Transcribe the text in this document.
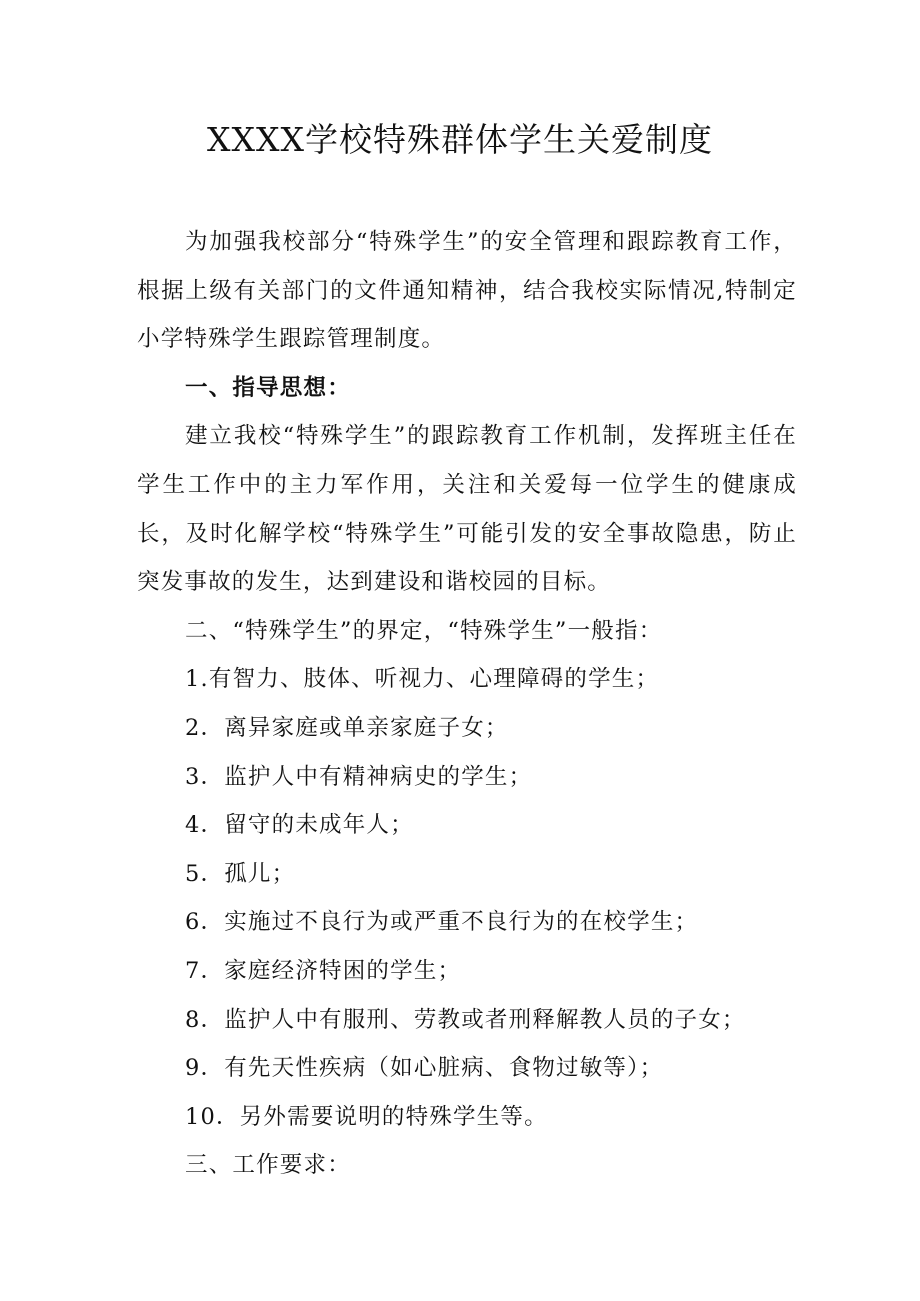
XXXX学校特殊群体学生关爱制度

为加强我校部分“特殊学生”的安全管理和跟踪教育工作，根据上级有关部门的文件通知精神，结合我校实际情况,特制定小学特殊学生跟踪管理制度。

一、指导思想：

建立我校“特殊学生”的跟踪教育工作机制，发挥班主任在学生工作中的主力军作用，关注和关爱每一位学生的健康成长，及时化解学校“特殊学生”可能引发的安全事故隐患，防止突发事故的发生，达到建设和谐校园的目标。

二、“特殊学生”的界定，“特殊学生”一般指：

1.有智力、肢体、听视力、心理障碍的学生；

2．离异家庭或单亲家庭子女；

3．监护人中有精神病史的学生；

4．留守的未成年人；

5．孤儿；

6．实施过不良行为或严重不良行为的在校学生；

7．家庭经济特困的学生；

8．监护人中有服刑、劳教或者刑释解教人员的子女；

9．有先天性疾病（如心脏病、食物过敏等）；

10．另外需要说明的特殊学生等。

三、工作要求：
